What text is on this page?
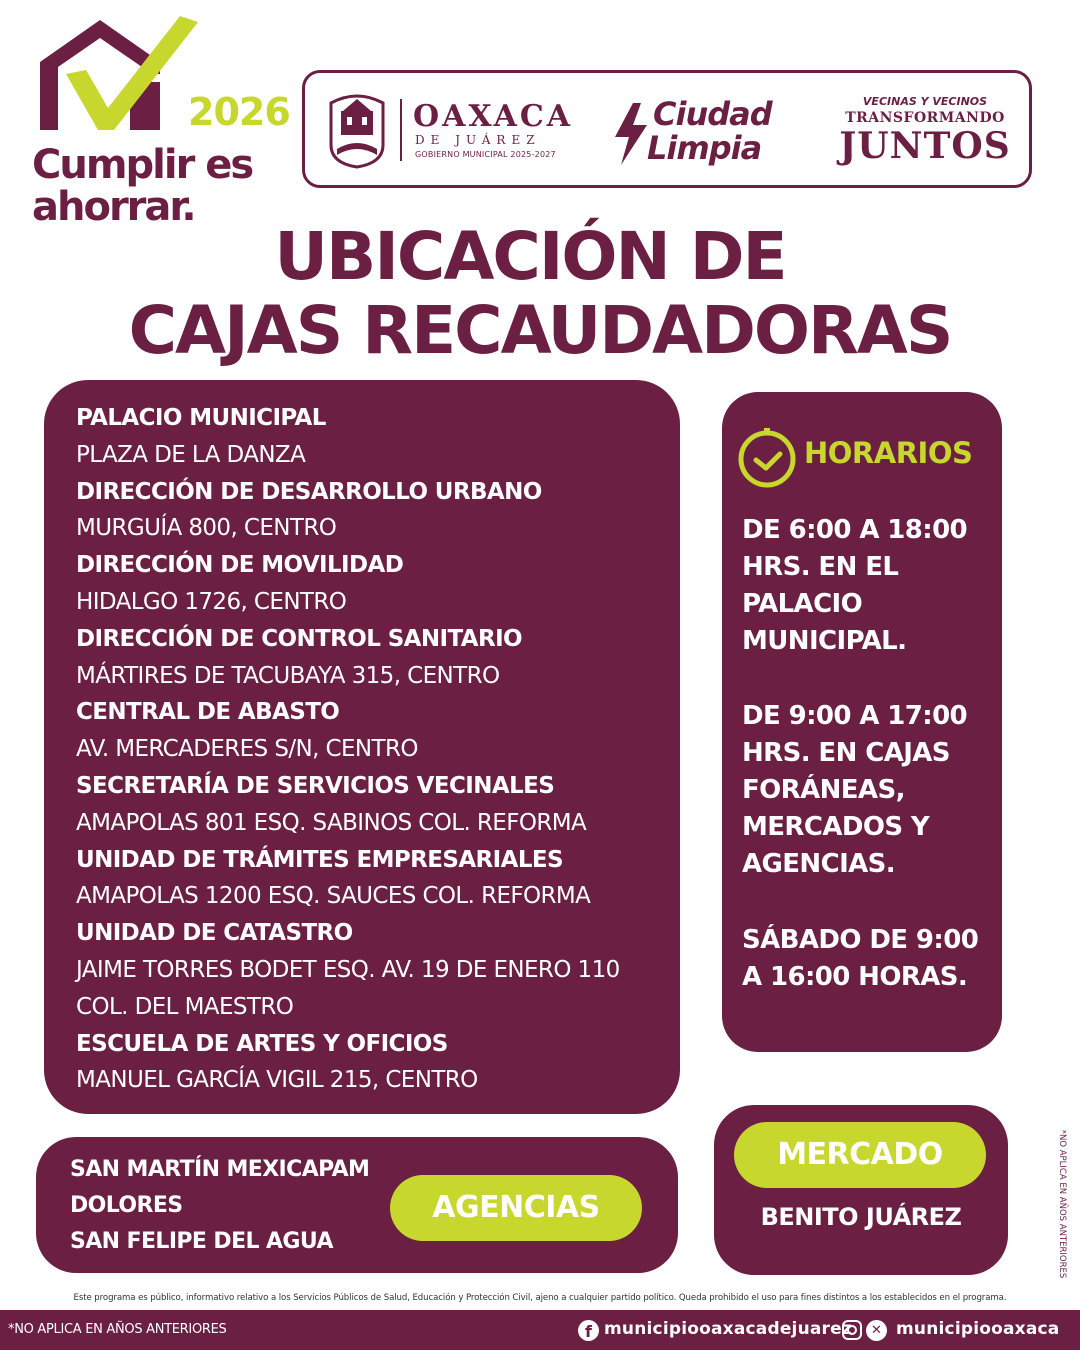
2026
Cumplir es
ahorrar.
OAXACA
DE JUÁREZ
GOBIERNO MUNICIPAL 2025-2027
Ciudad
Limpia
VECINAS Y VECINOS
TRANSFORMANDO
JUNTOS
UBICACIÓN DE
CAJAS RECAUDADORAS
PALACIO MUNICIPAL
PLAZA DE LA DANZA
DIRECCIÓN DE DESARROLLO URBANO
MURGUÍA 800, CENTRO
DIRECCIÓN DE MOVILIDAD
HIDALGO 1726, CENTRO
DIRECCIÓN DE CONTROL SANITARIO
MÁRTIRES DE TACUBAYA 315, CENTRO
CENTRAL DE ABASTO
AV. MERCADERES S/N, CENTRO
SECRETARÍA DE SERVICIOS VECINALES
AMAPOLAS 801 ESQ. SABINOS COL. REFORMA
UNIDAD DE TRÁMITES EMPRESARIALES
AMAPOLAS 1200 ESQ. SAUCES COL. REFORMA
UNIDAD DE CATASTRO
JAIME TORRES BODET ESQ. AV. 19 DE ENERO 110
COL. DEL MAESTRO
ESCUELA DE ARTES Y OFICIOS
MANUEL GARCÍA VIGIL 215, CENTRO
HORARIOS
DE 6:00 A 18:00 HRS. EN EL PALACIO MUNICIPAL.
DE 9:00 A 17:00 HRS. EN CAJAS FORÁNEAS, MERCADOS Y AGENCIAS.
SÁBADO DE 9:00 A 16:00 HORAS.
SAN MARTÍN MEXICAPAM
DOLORES
SAN FELIPE DEL AGUA
AGENCIAS
MERCADO
BENITO JUÁREZ	*NO APLICA EN AÑOS ANTERIORES
Este programa es público, informativo relativo a los Servicios Públicos de Salud, Educación y Protección Civil, ajeno a cualquier partido político. Queda prohibido el uso para fines distintos a los establecidos en el programa.
*NO APLICA EN AÑOS ANTERIORES	f municipiooaxacadejuarez	✕ municipiooaxaca
